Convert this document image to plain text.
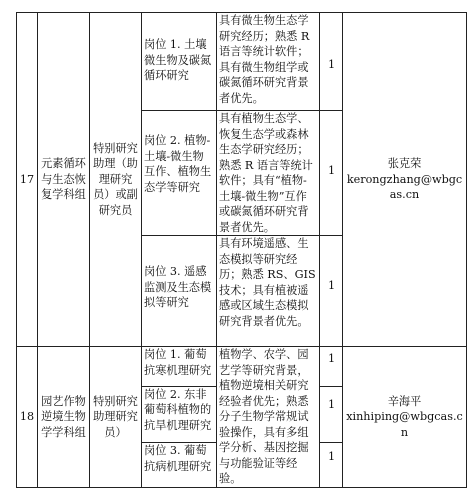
17	元素循环与生态恢复学科组	特别研究助理（助理研究员）或副研究员	岗位 1. 土壤微生物及碳氮循环研究	具有微生物生态学研究经历；熟悉 R 语言等统计软件；具有微生物组学或碳氮循环研究背景者优先。	1	张克荣
kerongzhang@wbgcas.cn

			岗位 2. 植物-土壤-微生物互作、植物生态学等研究	具有植物生态学、恢复生态学或森林生态学研究经历；熟悉 R 语言等统计软件；具有“植物-土壤-微生物”互作或碳氮循环研究背景者优先。	1	
			岗位 3. 遥感监测及生态模拟等研究	具有环境遥感、生态模拟等研究经历；熟悉 RS、GIS 技术；具有植被遥感或区域生态模拟研究背景者优先。	1	
18	园艺作物逆境生物学学科组	特别研究助理研究员）	岗位 1. 葡萄抗寒机理研究	植物学、农学、园艺学等研究背景，植物逆境相关研究经验者优先；熟悉分子生物学常规试验操作，具有多组学分析、基因挖掘与功能验证等经验。	1	辛海平
xinhiping@wbgcas.cn

			岗位 2. 东非葡萄科植物的抗旱机理研究		1	
			岗位 3. 葡萄抗病机理研究		1	
